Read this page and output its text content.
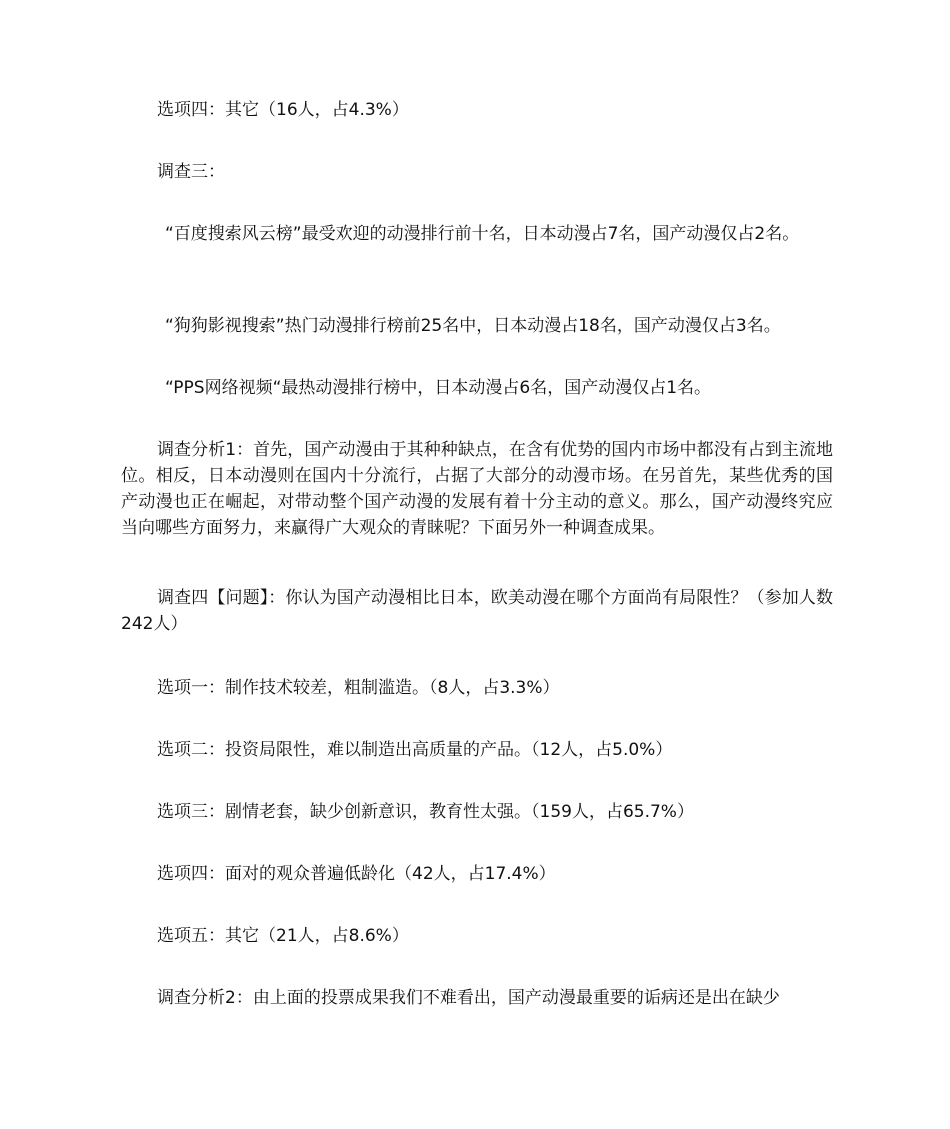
选项四：其它（16人，占4.3%）

调查三：

“百度搜索风云榜”最受欢迎的动漫排行前十名，日本动漫占7名，国产动漫仅占2名。

“狗狗影视搜索”热门动漫排行榜前25名中，日本动漫占18名，国产动漫仅占3名。

“PPS网络视频“最热动漫排行榜中，日本动漫占6名，国产动漫仅占1名。

调查分析1：首先，国产动漫由于其种种缺点，在含有优势的国内市场中都没有占到主流地位。相反，日本动漫则在国内十分流行，占据了大部分的动漫市场。在另首先，某些优秀的国产动漫也正在崛起，对带动整个国产动漫的发展有着十分主动的意义。那么，国产动漫终究应当向哪些方面努力，来赢得广大观众的青睐呢？下面另外一种调查成果。

调查四【问题】：你认为国产动漫相比日本，欧美动漫在哪个方面尚有局限性？（参加人数242人）

选项一：制作技术较差，粗制滥造。（8人，占3.3%）

选项二：投资局限性，难以制造出高质量的产品。（12人，占5.0%）

选项三：剧情老套，缺少创新意识，教育性太强。（159人，占65.7%）

选项四：面对的观众普遍低龄化（42人，占17.4%）

选项五：其它（21人，占8.6%）

调查分析2：由上面的投票成果我们不难看出，国产动漫最重要的诟病还是出在缺少
